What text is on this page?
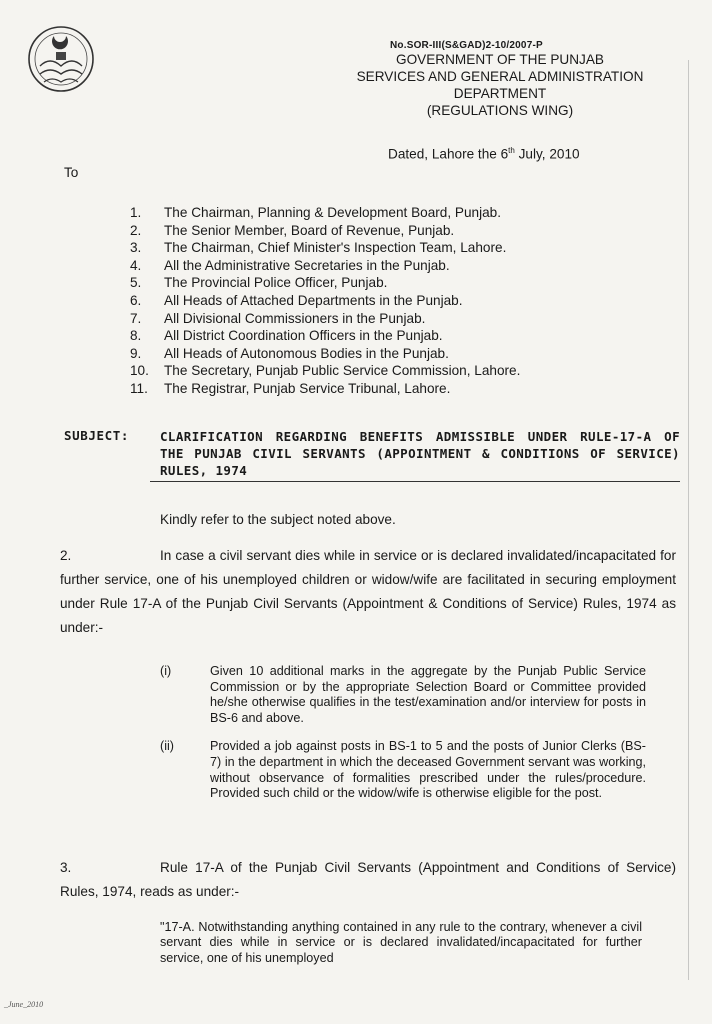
No.SOR-III(S&GAD)2-10/2007-P
GOVERNMENT OF THE PUNJAB
SERVICES AND GENERAL ADMINISTRATION
DEPARTMENT
(REGULATIONS WING)
Dated, Lahore the 6th July, 2010
To
1.	The Chairman, Planning & Development Board, Punjab.
2.	The Senior Member, Board of Revenue, Punjab.
3.	The Chairman, Chief Minister's Inspection Team, Lahore.
4.	All the Administrative Secretaries in the Punjab.
5.	The Provincial Police Officer, Punjab.
6.	All Heads of Attached Departments in the Punjab.
7.	All Divisional Commissioners in the Punjab.
8.	All District Coordination Officers in the Punjab.
9.	All Heads of Autonomous Bodies in the Punjab.
10.	The Secretary, Punjab Public Service Commission, Lahore.
11.	The Registrar, Punjab Service Tribunal, Lahore.
SUBJECT:	CLARIFICATION REGARDING BENEFITS ADMISSIBLE UNDER RULE-17-A OF THE PUNJAB CIVIL SERVANTS (APPOINTMENT & CONDITIONS OF SERVICE) RULES, 1974
Kindly refer to the subject noted above.
2.	In case a civil servant dies while in service or is declared invalidated/incapacitated for further service, one of his unemployed children or widow/wife are facilitated in securing employment under Rule 17-A of the Punjab Civil Servants (Appointment & Conditions of Service) Rules, 1974 as under:-
(i)	Given 10 additional marks in the aggregate by the Punjab Public Service Commission or by the appropriate Selection Board or Committee provided he/she otherwise qualifies in the test/examination and/or interview for posts in BS-6 and above.
(ii)	Provided a job against posts in BS-1 to 5 and the posts of Junior Clerks (BS-7) in the department in which the deceased Government servant was working, without observance of formalities prescribed under the rules/procedure. Provided such child or the widow/wife is otherwise eligible for the post.
3.	Rule 17-A of the Punjab Civil Servants (Appointment and Conditions of Service) Rules, 1974, reads as under:-
"17-A. Notwithstanding anything contained in any rule to the contrary, whenever a civil servant dies while in service or is declared invalidated/incapacitated for further service, one of his unemployed
_June_2010
